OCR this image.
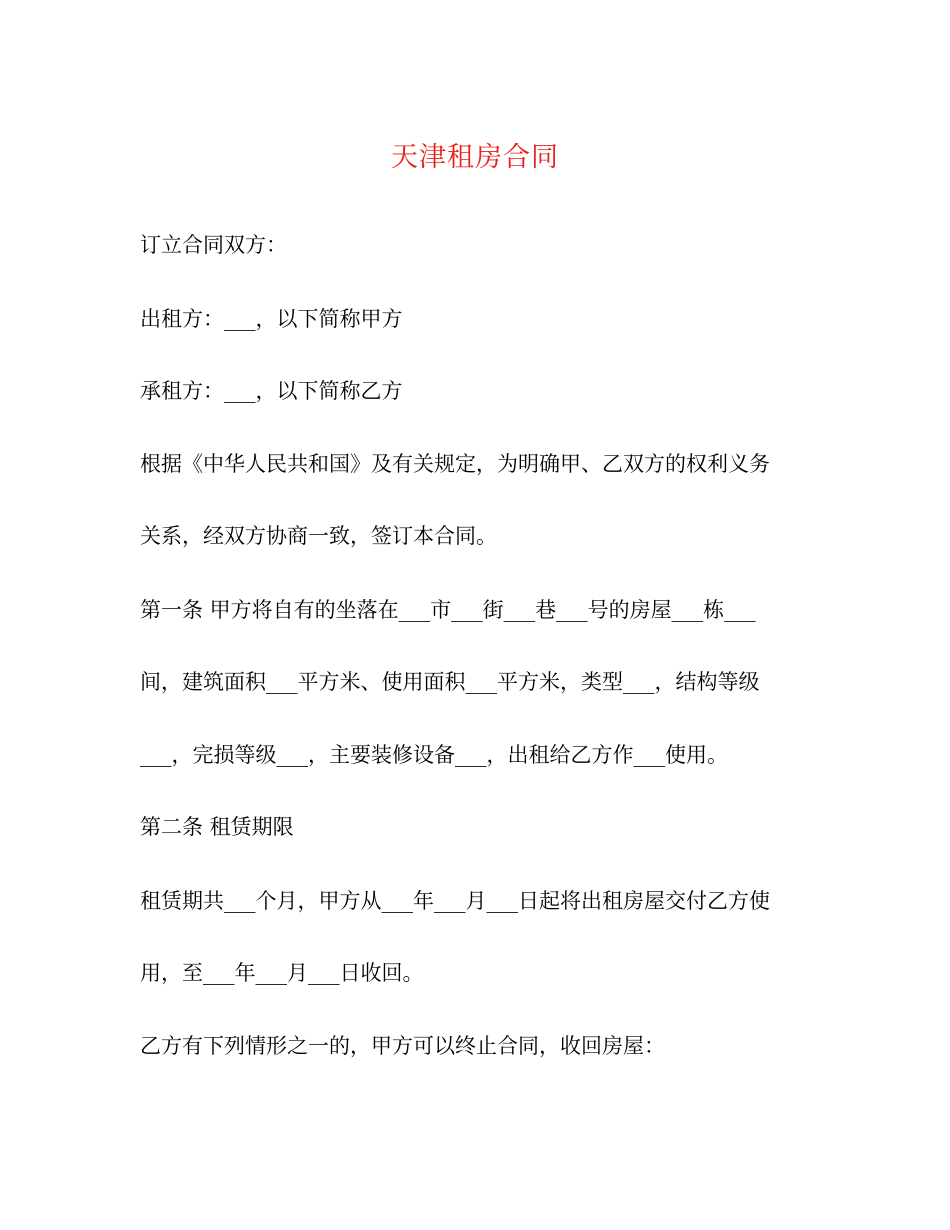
天津租房合同
订立合同双方：
出租方：___，以下简称甲方
承租方：___，以下简称乙方
根据《中华人民共和国》及有关规定，为明确甲、乙双方的权利义务
关系，经双方协商一致，签订本合同。
第一条 甲方将自有的坐落在___市___街___巷___号的房屋___栋___
间，建筑面积___平方米、使用面积___平方米，类型___，结构等级
___，完损等级___，主要装修设备___，出租给乙方作___使用。
第二条 租赁期限
租赁期共___个月，甲方从___年___月___日起将出租房屋交付乙方使
用，至___年___月___日收回。
乙方有下列情形之一的，甲方可以终止合同，收回房屋：
